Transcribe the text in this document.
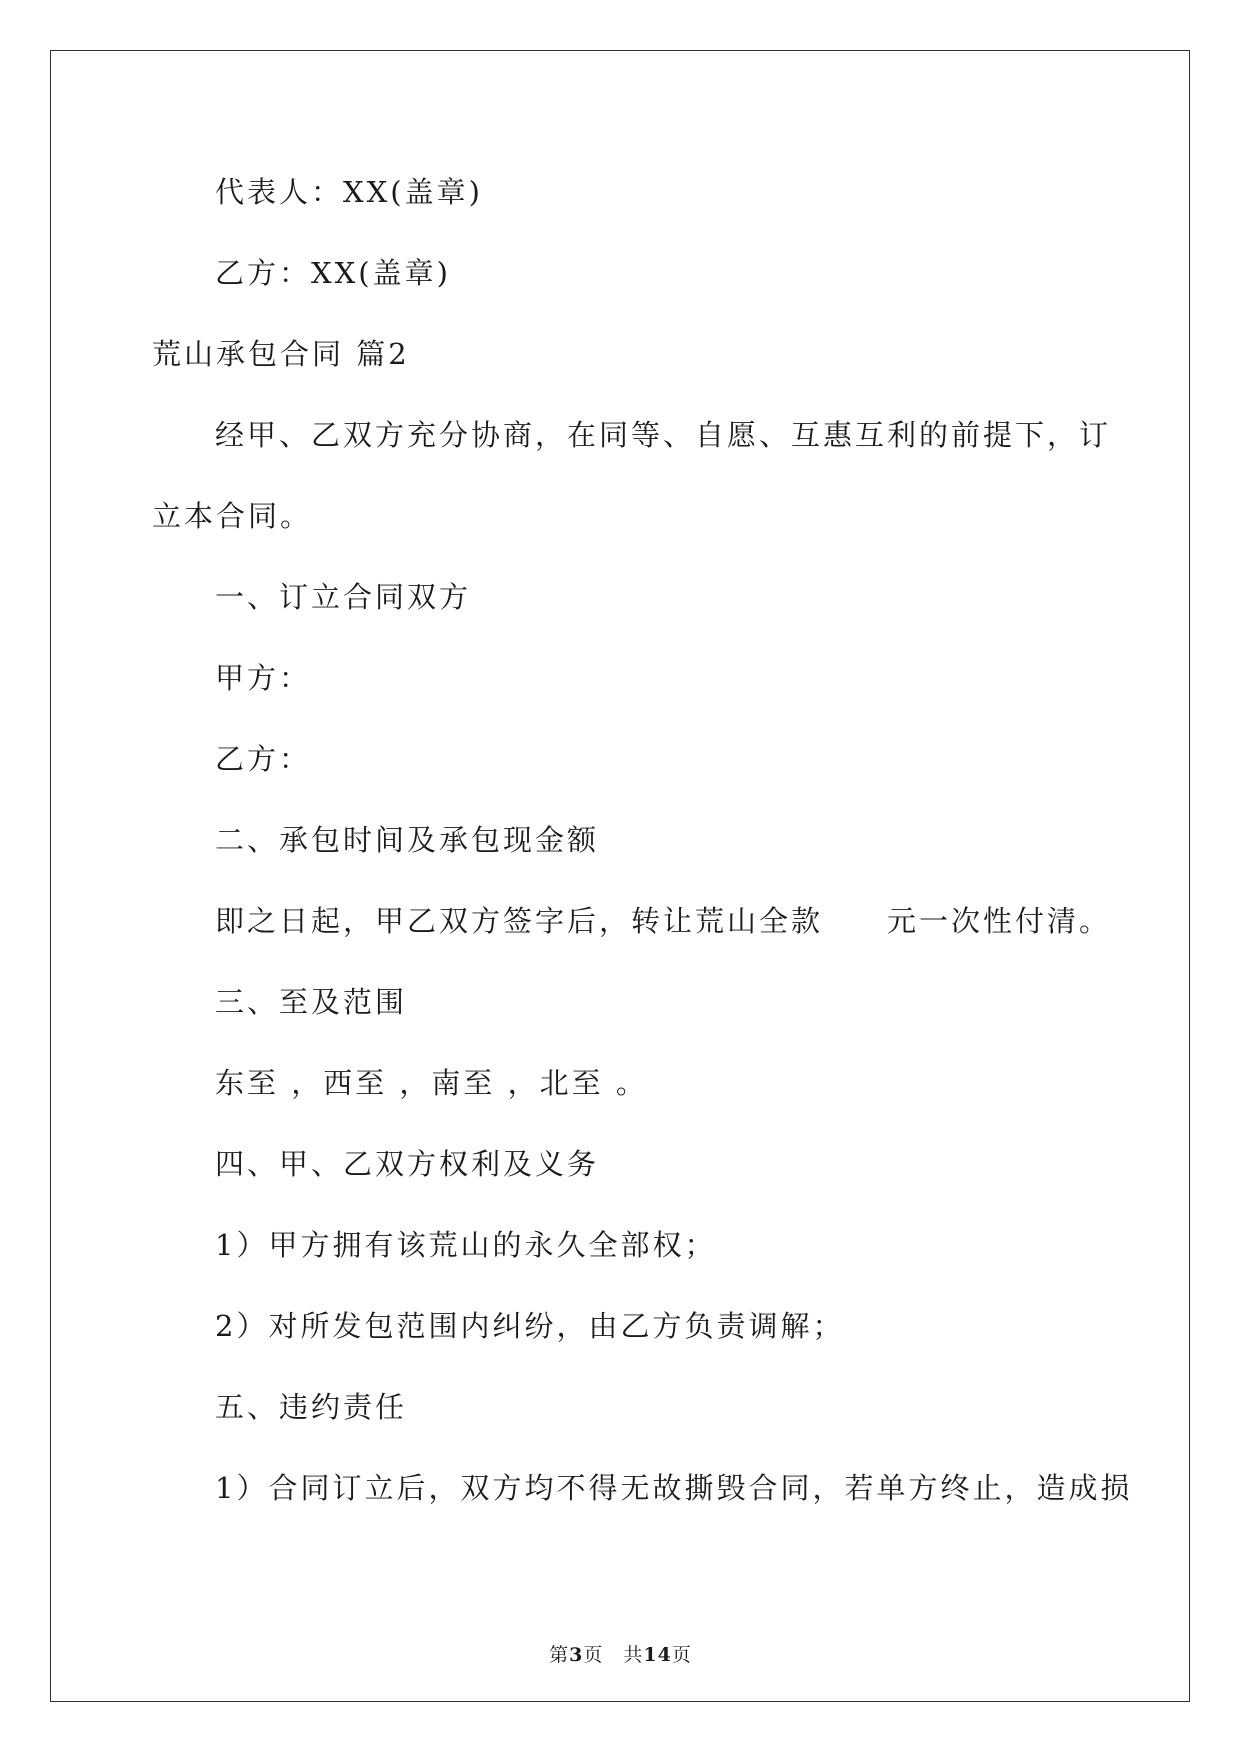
代表人：XX(盖章)
乙方：XX(盖章)
荒山承包合同 篇2
经甲、乙双方充分协商，在同等、自愿、互惠互利的前提下，订
立本合同。
一、订立合同双方
甲方：
乙方：
二、承包时间及承包现金额
即之日起，甲乙双方签字后，转让荒山全款　　元一次性付清。
三、至及范围
东至 ，西至 ，南至 ，北至 。
四、甲、乙双方权利及义务
1）甲方拥有该荒山的永久全部权；
2）对所发包范围内纠纷，由乙方负责调解；
五、违约责任
1）合同订立后，双方均不得无故撕毁合同，若单方终止，造成损
第3页　共14页
